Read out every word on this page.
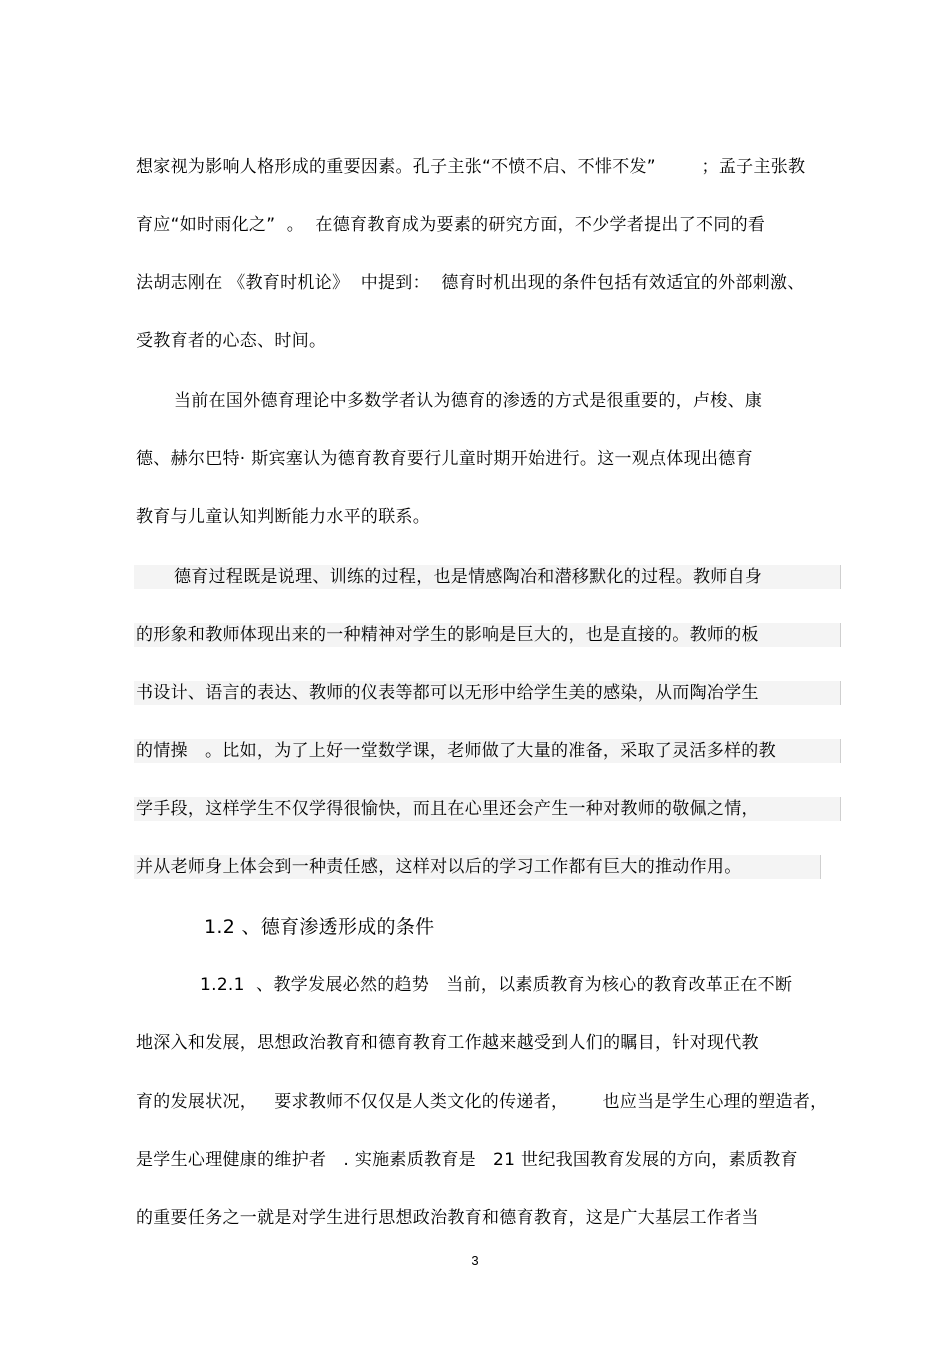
想家视为影响人格形成的重要因素。孔子主张“不愤不启、不悱不发”        ；孟子主张教
育应“如时雨化之”  。  在德育教育成为要素的研究方面，不少学者提出了不同的看
法胡志刚在 《教育时机论》  中提到：  德育时机出现的条件包括有效适宜的外部刺激、
受教育者的心态、时间。
当前在国外德育理论中多数学者认为德育的渗透的方式是很重要的，卢梭、康
德、赫尔巴特· 斯宾塞认为德育教育要行儿童时期开始进行。这一观点体现出德育
教育与儿童认知判断能力水平的联系。
德育过程既是说理、训练的过程，也是情感陶冶和潜移默化的过程。教师自身
的形象和教师体现出来的一种精神对学生的影响是巨大的，也是直接的。教师的板
书设计、语言的表达、教师的仪表等都可以无形中给学生美的感染，从而陶冶学生
的情操   。比如，为了上好一堂数学课，老师做了大量的准备，采取了灵活多样的教
学手段，这样学生不仅学得很愉快，而且在心里还会产生一种对教师的敬佩之情，
并从老师身上体会到一种责任感，这样对以后的学习工作都有巨大的推动作用。
1.2 、德育渗透形成的条件
1.2.1  、教学发展必然的趋势   当前，以素质教育为核心的教育改革正在不断
地深入和发展，思想政治教育和德育教育工作越来越受到人们的瞩目，针对现代教
育的发展状况，   要求教师不仅仅是人类文化的传递者，      也应当是学生心理的塑造者，
是学生心理健康的维护者   . 实施素质教育是   21 世纪我国教育发展的方向，素质教育
的重要任务之一就是对学生进行思想政治教育和德育教育，这是广大基层工作者当
3
